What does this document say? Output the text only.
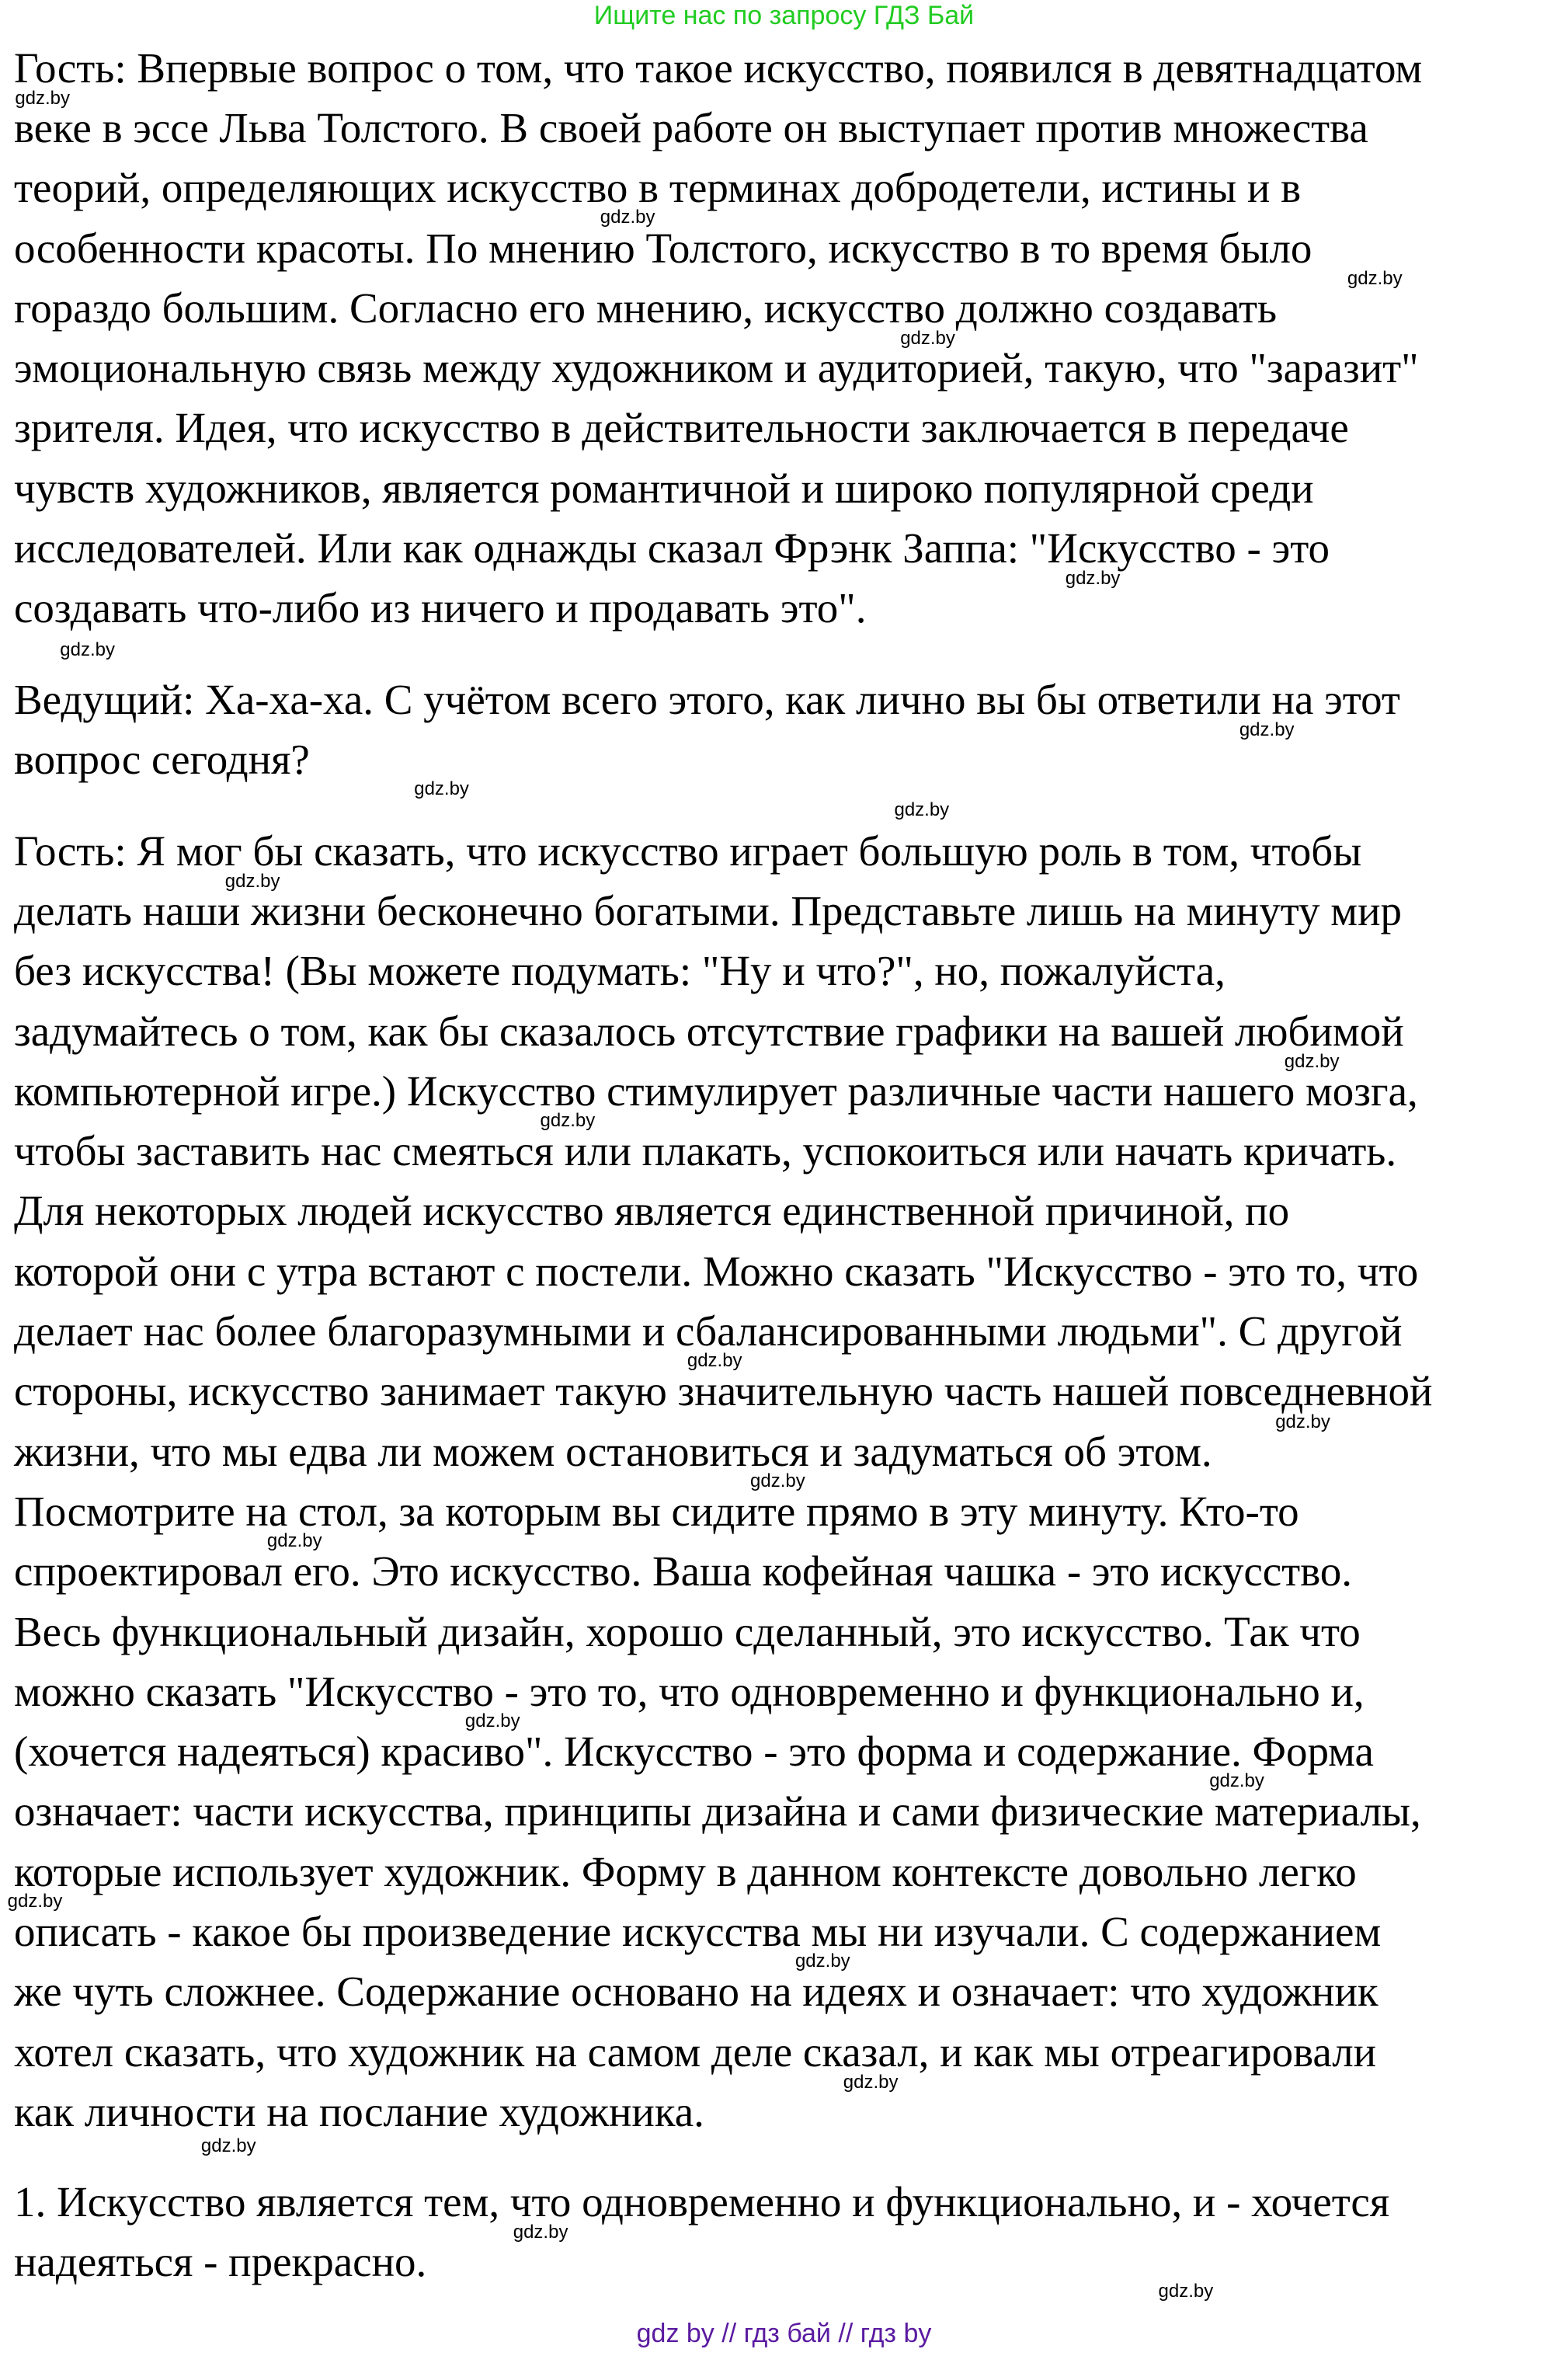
Ищите нас по запросу ГДЗ Бай
Гость: Впервые вопрос о том, что такое искусство, появился в девятнадцатом
веке в эссе Льва Толстого. В своей работе он выступает против множества
теорий, определяющих искусство в терминах добродетели, истины и в
особенности красоты. По мнению Толстого, искусство в то время было
гораздо большим. Согласно его мнению, искусство должно создавать
эмоциональную связь между художником и аудиторией, такую, что "заразит"
зрителя. Идея, что искусство в действительности заключается в передаче
чувств художников, является романтичной и широко популярной среди
исследователей. Или как однажды сказал Фрэнк Заппа: "Искусство - это
создавать что-либо из ничего и продавать это".
Ведущий: Ха-ха-ха. С учётом всего этого, как лично вы бы ответили на этот
вопрос сегодня?
Гость: Я мог бы сказать, что искусство играет большую роль в том, чтобы
делать наши жизни бесконечно богатыми. Представьте лишь на минуту мир
без искусства! (Вы можете подумать: "Ну и что?", но, пожалуйста,
задумайтесь о том, как бы сказалось отсутствие графики на вашей любимой
компьютерной игре.) Искусство стимулирует различные части нашего мозга,
чтобы заставить нас смеяться или плакать, успокоиться или начать кричать.
Для некоторых людей искусство является единственной причиной, по
которой они с утра встают с постели. Можно сказать "Искусство - это то, что
делает нас более благоразумными и сбалансированными людьми". С другой
стороны, искусство занимает такую значительную часть нашей повседневной
жизни, что мы едва ли можем остановиться и задуматься об этом.
Посмотрите на стол, за которым вы сидите прямо в эту минуту. Кто-то
спроектировал его. Это искусство. Ваша кофейная чашка - это искусство.
Весь функциональный дизайн, хорошо сделанный, это искусство. Так что
можно сказать "Искусство - это то, что одновременно и функционально и,
(хочется надеяться) красиво". Искусство - это форма и содержание. Форма
означает: части искусства, принципы дизайна и сами физические материалы,
которые использует художник. Форму в данном контексте довольно легко
описать - какое бы произведение искусства мы ни изучали. С содержанием
же чуть сложнее. Содержание основано на идеях и означает: что художник
хотел сказать, что художник на самом деле сказал, и как мы отреагировали
как личности на послание художника.
1. Искусство является тем, что одновременно и функционально, и - хочется
надеяться - прекрасно.
gdz.by
gdz.by
gdz.by
gdz.by
gdz.by
gdz.by
gdz.by
gdz.by
gdz.by
gdz.by
gdz.by
gdz.by
gdz.by
gdz.by
gdz.by
gdz.by
gdz.by
gdz.by
gdz.by
gdz.by
gdz.by
gdz.by
gdz.by
gdz.by
gdz by // гдз бай // гдз by
